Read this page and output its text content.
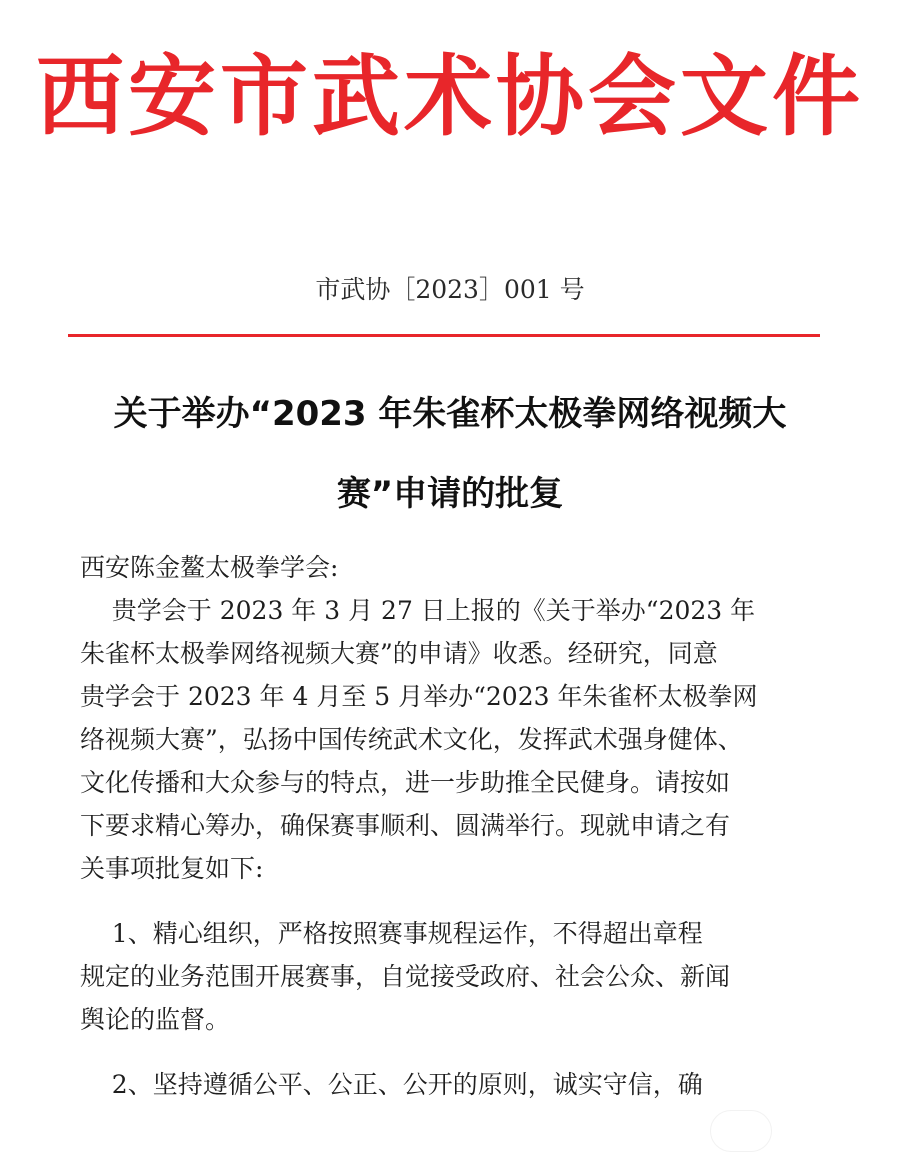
西安市武术协会文件
市武协［2023］001 号
关于举办“2023 年朱雀杯太极拳网络视频大
赛”申请的批复
西安陈金鳌太极拳学会:
贵学会于 2023 年 3 月 27 日上报的《关于举办“2023 年
朱雀杯太极拳网络视频大赛”的申请》收悉。经研究，同意
贵学会于 2023 年 4 月至 5 月举办“2023 年朱雀杯太极拳网
络视频大赛”，弘扬中国传统武术文化，发挥武术强身健体、
文化传播和大众参与的特点，进一步助推全民健身。请按如
下要求精心筹办，确保赛事顺利、圆满举行。现就申请之有
关事项批复如下:
1、精心组织，严格按照赛事规程运作，不得超出章程
规定的业务范围开展赛事，自觉接受政府、社会公众、新闻
舆论的监督。
2、坚持遵循公平、公正、公开的原则，诚实守信，确
